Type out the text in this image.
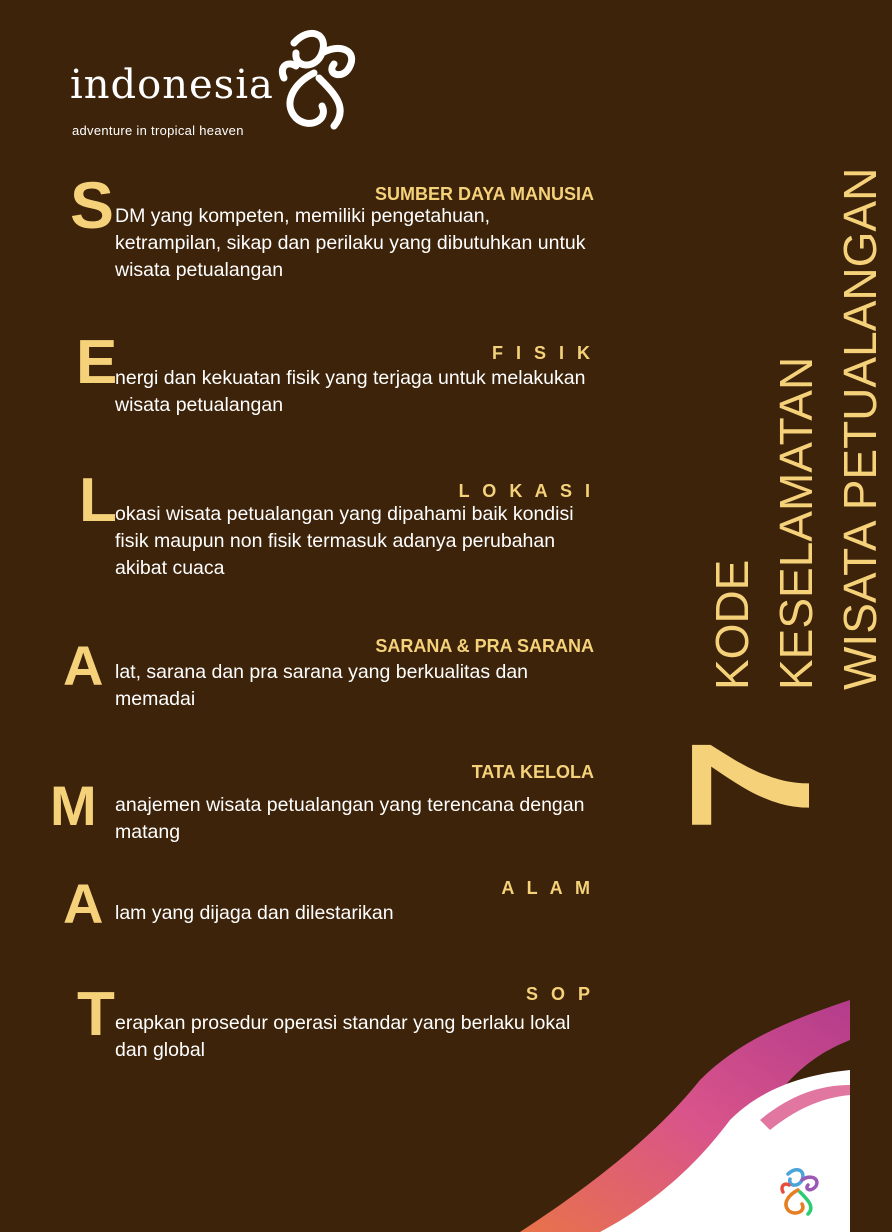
indonesia
adventure in tropical heaven
S	SUMBER DAYA MANUSIA
DM yang kompeten, memiliki pengetahuan, ketrampilan, sikap dan perilaku yang dibutuhkan untuk wisata petualangan
E	F I S I K
nergi dan kekuatan fisik yang terjaga untuk melakukan wisata petualangan
L	L O K A S I
okasi wisata petualangan yang dipahami baik kondisi fisik maupun non fisik termasuk adanya perubahan akibat cuaca
A	SARANA & PRA SARANA
lat, sarana dan pra sarana yang berkualitas dan memadai
M
TATA KELOLA
anajemen wisata petualangan yang terencana dengan matang
A	A L A M
lam yang dijaga dan dilestarikan
T	S O P
erapkan prosedur operasi standar yang berlaku lokal dan global
KODE KESELAMATAN WISATA PETUALANGAN
7
wonderful
indonesia
